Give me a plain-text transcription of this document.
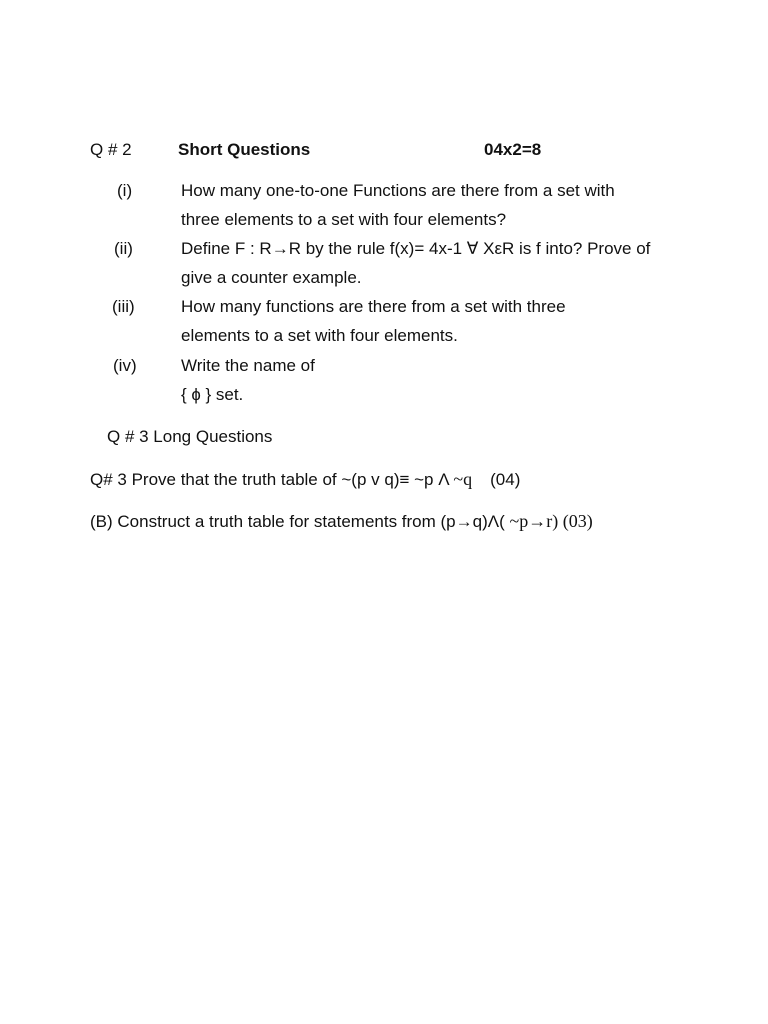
Q # 2	Short Questions	04x2=8
(i)	How many one-to-one Functions are there from a set with
three elements to a set with four elements?
(ii)	Define F : R→R by the rule f(x)= 4x-1 ∀ XεR is f into? Prove of
give a counter example.
(iii)	How many functions are there from a set with three
elements to a set with four elements.
(iv)	Write the name of
{ ɸ } set.
Q # 3 Long Questions
Q# 3 Prove that the truth table of ~(p v q)≡ ~p Λ ~q (04)
(B) Construct a truth table for statements from (p→q)Λ( ~p→r) (03)
